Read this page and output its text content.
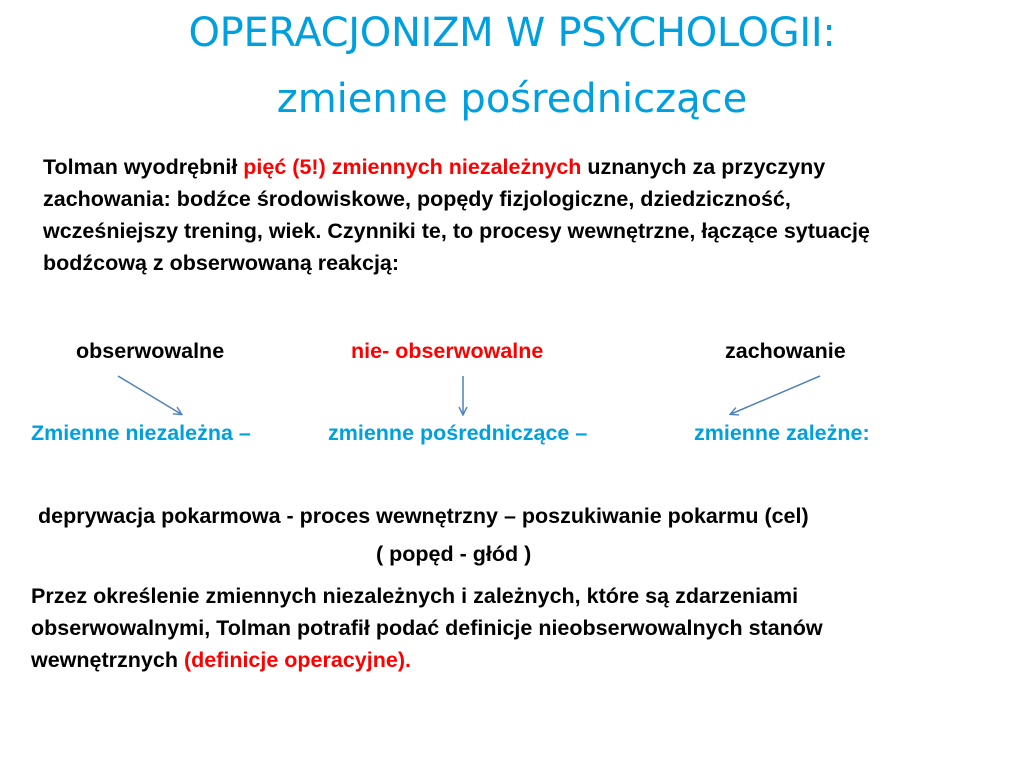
OPERACJONIZM W PSYCHOLOGII:
zmienne pośredniczące
Tolman wyodrębnił pięć (5!) zmiennych niezależnych uznanych za przyczyny
zachowania: bodźce środowiskowe, popędy fizjologiczne, dziedziczność,
wcześniejszy trening, wiek. Czynniki te, to procesy wewnętrzne, łączące sytuację
bodźcową z obserwowaną reakcją:
obserwowalne	nie- obserwowalne	zachowanie
Zmienne niezależna –	zmienne pośredniczące –	zmienne zależne:
deprywacja pokarmowa - proces wewnętrzny – poszukiwanie pokarmu (cel)
( popęd - głód )
Przez określenie zmiennych niezależnych i zależnych, które są zdarzeniami
obserwowalnymi, Tolman potrafił podać definicje nieobserwowalnych stanów
wewnętrznych (definicje operacyjne).
